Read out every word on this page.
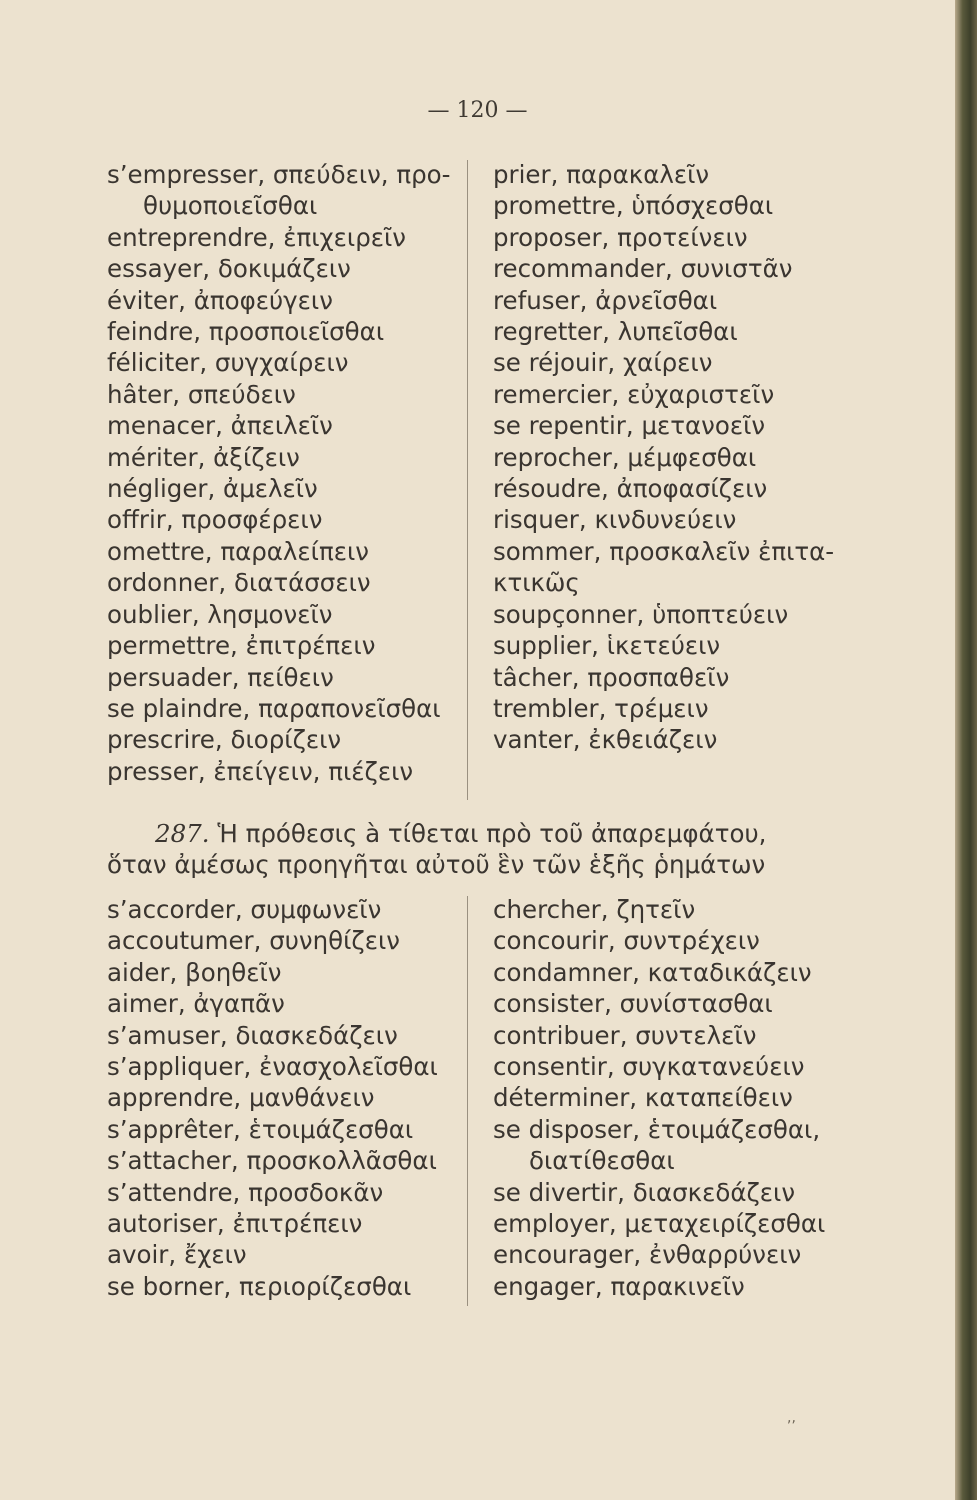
— 120 —
s’empresser, σπεύδειν, προ-
θυμοποιεῖσθαι
entreprendre, ἐπιχειρεῖν
essayer, δοκιμάζειν
éviter, ἀποφεύγειν
feindre, προσποιεῖσθαι
féliciter, συγχαίρειν
hâter, σπεύδειν
menacer, ἀπειλεῖν
mériter, ἀξίζειν
négliger, ἀμελεῖν
offrir, προσφέρειν
omettre, παραλείπειν
ordonner, διατάσσειν
oublier, λησμονεῖν
permettre, ἐπιτρέπειν
persuader, πείθειν
se plaindre, παραπονεῖσθαι
prescrire, διορίζειν
presser, ἐπείγειν, πιέζειν
prier, παρακαλεῖν
promettre, ὑπόσχεσθαι
proposer, προτείνειν
recommander, συνιστᾶν
refuser, ἀρνεῖσθαι
regretter, λυπεῖσθαι
se réjouir, χαίρειν
remercier, εὐχαριστεῖν
se repentir, μετανοεῖν
reprocher, μέμφεσθαι
résoudre, ἀποφασίζειν
risquer, κινδυνεύειν
sommer, προσκαλεῖν ἐπιτα-
κτικῶς
soupçonner, ὑποπτεύειν
supplier, ἱκετεύειν
tâcher, προσπαθεῖν
trembler, τρέμειν
vanter, ἐκθειάζειν
287. Ἡ πρόθεσις à τίθεται πρὸ τοῦ ἀπαρεμφάτου,
ὅταν ἀμέσως προηγῆται αὐτοῦ ἓν τῶν ἑξῆς ῥημάτων
s’accorder, συμφωνεῖν
accoutumer, συνηθίζειν
aider, βοηθεῖν
aimer, ἀγαπᾶν
s’amuser, διασκεδάζειν
s’appliquer, ἐνασχολεῖσθαι
apprendre, μανθάνειν
s’apprêter, ἑτοιμάζεσθαι
s’attacher, προσκολλᾶσθαι
s’attendre, προσδοκᾶν
autoriser, ἐπιτρέπειν
avoir, ἔχειν
se borner, περιορίζεσθαι
chercher, ζητεῖν
concourir, συντρέχειν
condamner, καταδικάζειν
consister, συνίστασθαι
contribuer, συντελεῖν
consentir, συγκατανεύειν
déterminer, καταπείθειν
se disposer, ἑτοιμάζεσθαι,
διατίθεσθαι
se divertir, διασκεδάζειν
employer, μεταχειρίζεσθαι
encourager, ἐνθαρρύνειν
engager, παρακινεῖν
,,
